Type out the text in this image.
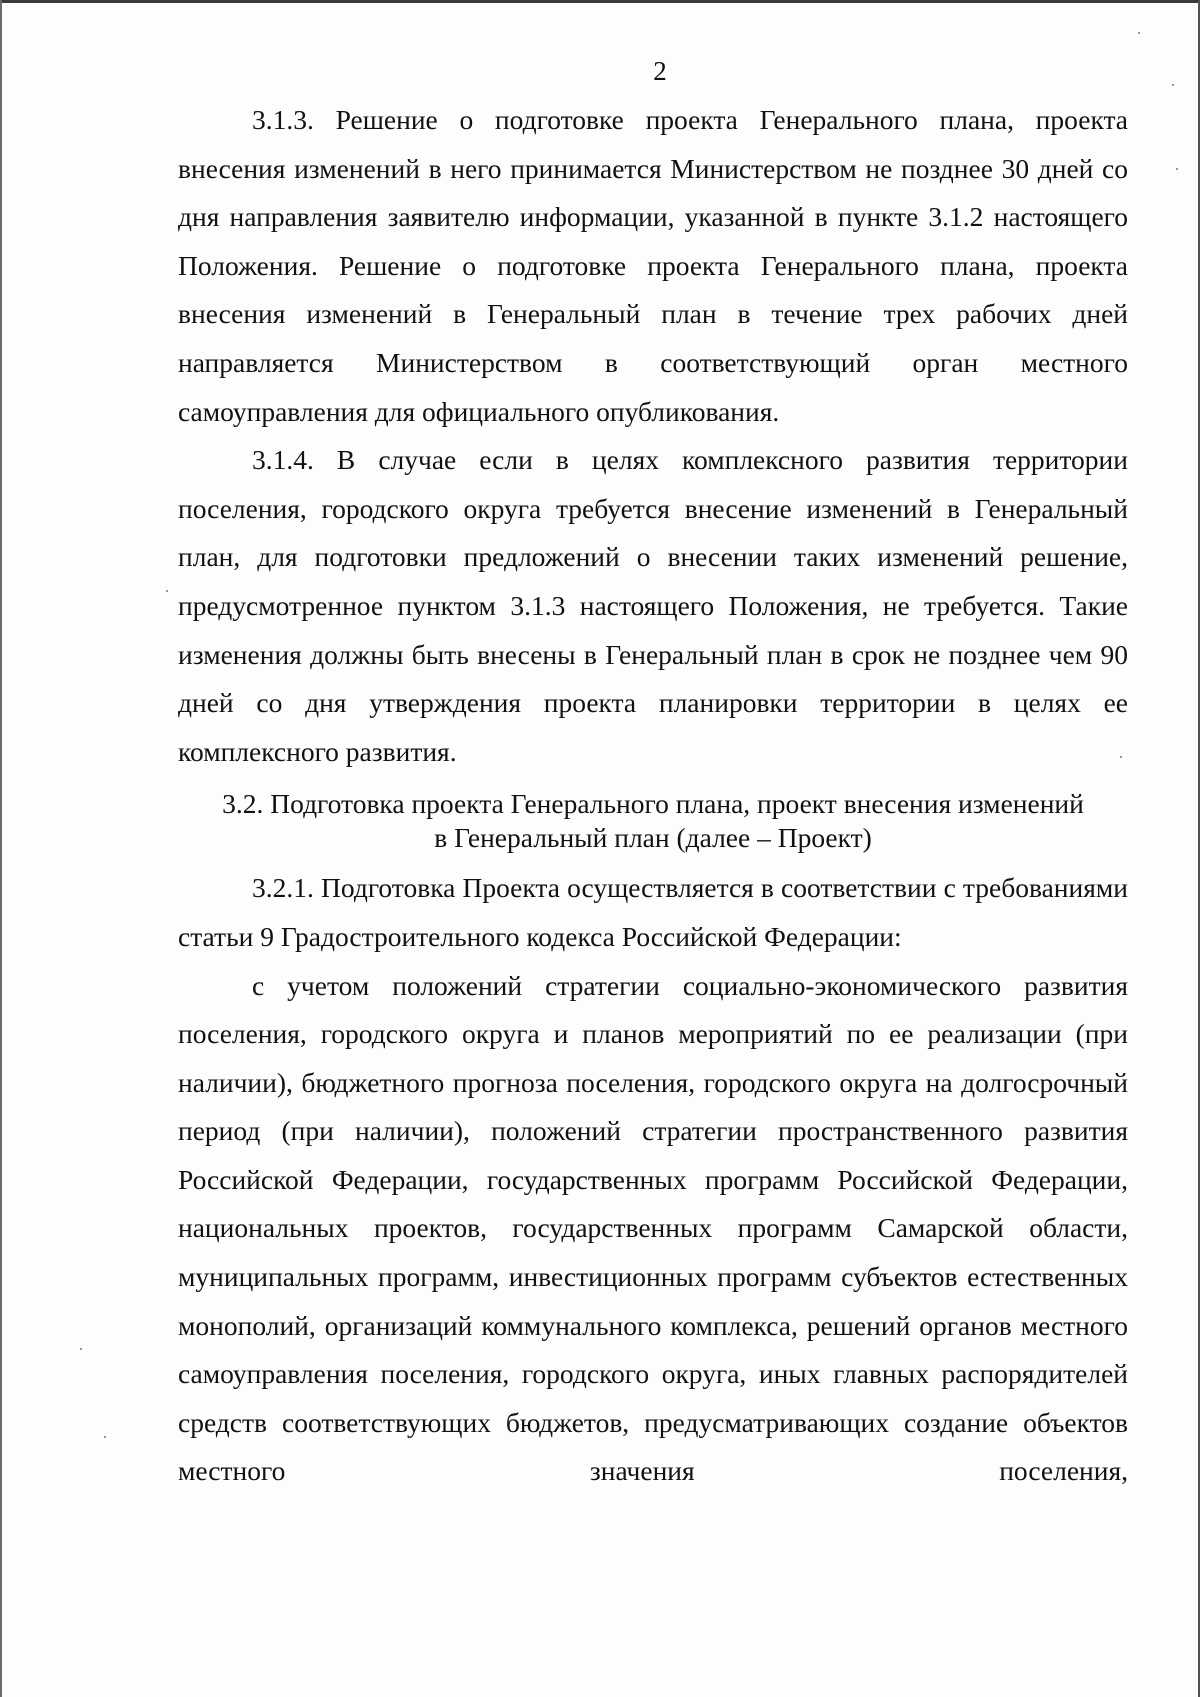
2

3.1.3. Решение о подготовке проекта Генерального плана, проекта внесения изменений в него принимается Министерством не позднее 30 дней со дня направления заявителю информации, указанной в пункте 3.1.2 настоящего Положения. Решение о подготовке проекта Генерального плана, проекта внесения изменений в Генеральный план в течение трех рабочих дней направляется Министерством в соответствующий орган местного самоуправления для официального опубликования.

3.1.4. В случае если в целях комплексного развития территории поселения, городского округа требуется внесение изменений в Генеральный план, для подготовки предложений о внесении таких изменений решение, предусмотренное пунктом 3.1.3 настоящего Положения, не требуется. Такие изменения должны быть внесены в Генеральный план в срок не позднее чем 90 дней со дня утверждения проекта планировки территории в целях ее комплексного развития.

3.2. Подготовка проекта Генерального плана, проект внесения изменений
в Генеральный план (далее – Проект)

3.2.1. Подготовка Проекта осуществляется в соответствии с требованиями статьи 9 Градостроительного кодекса Российской Федерации:

с учетом положений стратегии социально-экономического развития поселения, городского округа и планов мероприятий по ее реализации (при наличии), бюджетного прогноза поселения, городского округа на долгосрочный период (при наличии), положений стратегии пространственного развития Российской Федерации, государственных программ Российской Федерации, национальных проектов, государственных программ Самарской области, муниципальных программ, инвестиционных программ субъектов естественных монополий, организаций коммунального комплекса, решений органов местного самоуправления поселения, городского округа, иных главных распорядителей средств соответствующих бюджетов, предусматривающих создание объектов местного значения поселения,
